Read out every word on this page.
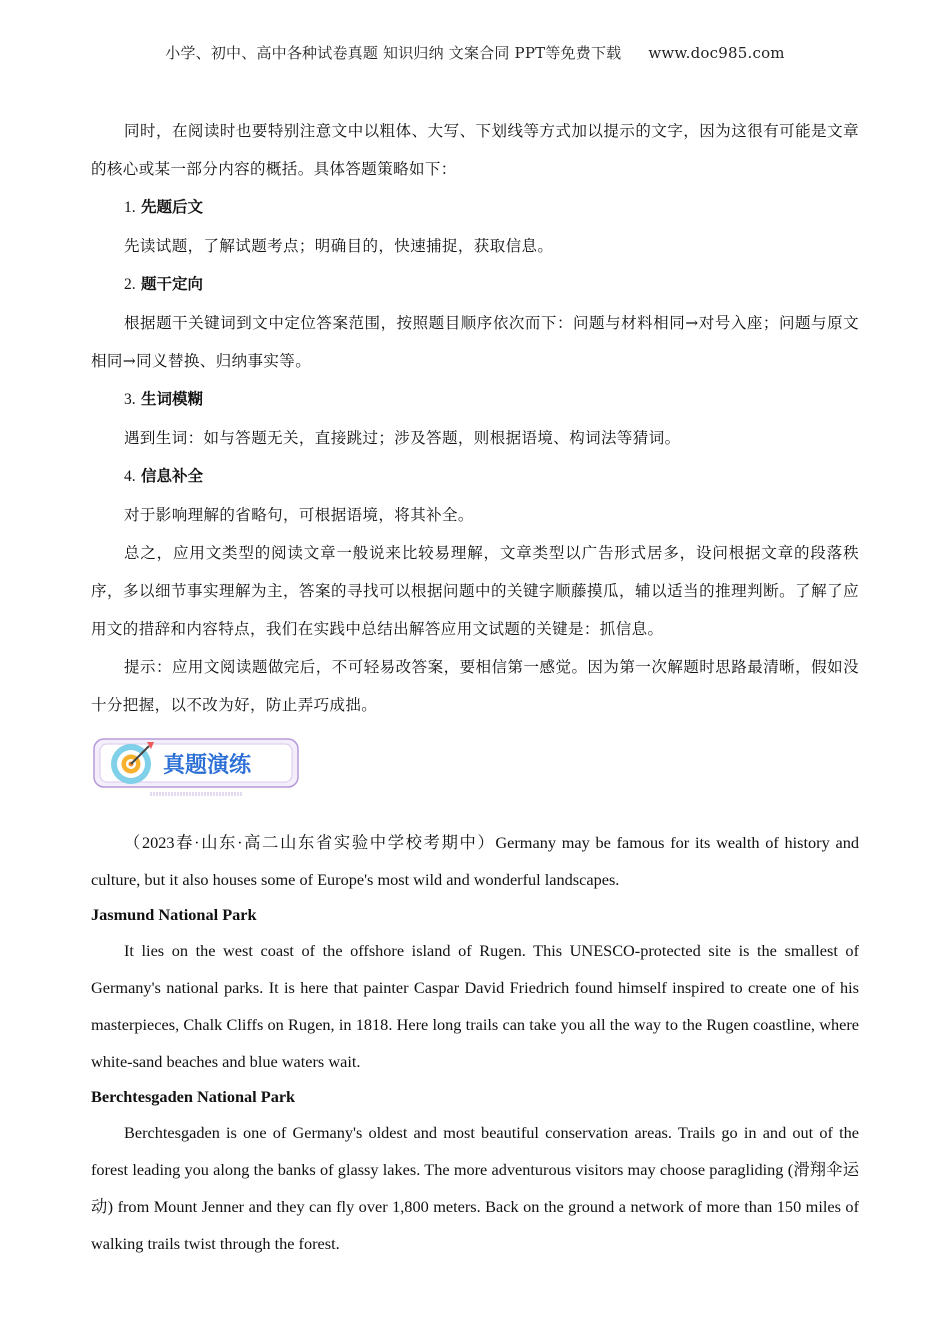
小学、初中、高中各种试卷真题 知识归纳 文案合同 PPT等免费下载 www.doc985.com

同时，在阅读时也要特别注意文中以粗体、大写、下划线等方式加以提示的文字，因为这很有可能是文章的核心或某一部分内容的概括。具体答题策略如下：

1. 先题后文

先读试题，了解试题考点；明确目的，快速捕捉，获取信息。

2. 题干定向

根据题干关键词到文中定位答案范围，按照题目顺序依次而下：问题与材料相同→对号入座；问题与原文相同→同义替换、归纳事实等。

3. 生词模糊

遇到生词：如与答题无关，直接跳过；涉及答题，则根据语境、构词法等猜词。

4. 信息补全

对于影响理解的省略句，可根据语境，将其补全。

总之，应用文类型的阅读文章一般说来比较易理解，文章类型以广告形式居多，设问根据文章的段落秩序，多以细节事实理解为主，答案的寻找可以根据问题中的关键字顺藤摸瓜，辅以适当的推理判断。了解了应用文的措辞和内容特点，我们在实践中总结出解答应用文试题的关键是：抓信息。

提示：应用文阅读题做完后，不可轻易改答案，要相信第一感觉。因为第一次解题时思路最清晰，假如没十分把握，以不改为好，防止弄巧成拙。

真题演练

（2023春·山东·高二山东省实验中学校考期中）Germany may be famous for its wealth of history and culture, but it also houses some of Europe's most wild and wonderful landscapes.

Jasmund National Park

It lies on the west coast of the offshore island of Rugen. This UNESCO-protected site is the smallest of Germany's national parks. It is here that painter Caspar David Friedrich found himself inspired to create one of his masterpieces, Chalk Cliffs on Rugen, in 1818. Here long trails can take you all the way to the Rugen coastline, where white-sand beaches and blue waters wait.

Berchtesgaden National Park

Berchtesgaden is one of Germany's oldest and most beautiful conservation areas. Trails go in and out of the forest leading you along the banks of glassy lakes. The more adventurous visitors may choose paragliding (滑翔伞运动) from Mount Jenner and they can fly over 1,800 meters. Back on the ground a network of more than 150 miles of walking trails twist through the forest.
